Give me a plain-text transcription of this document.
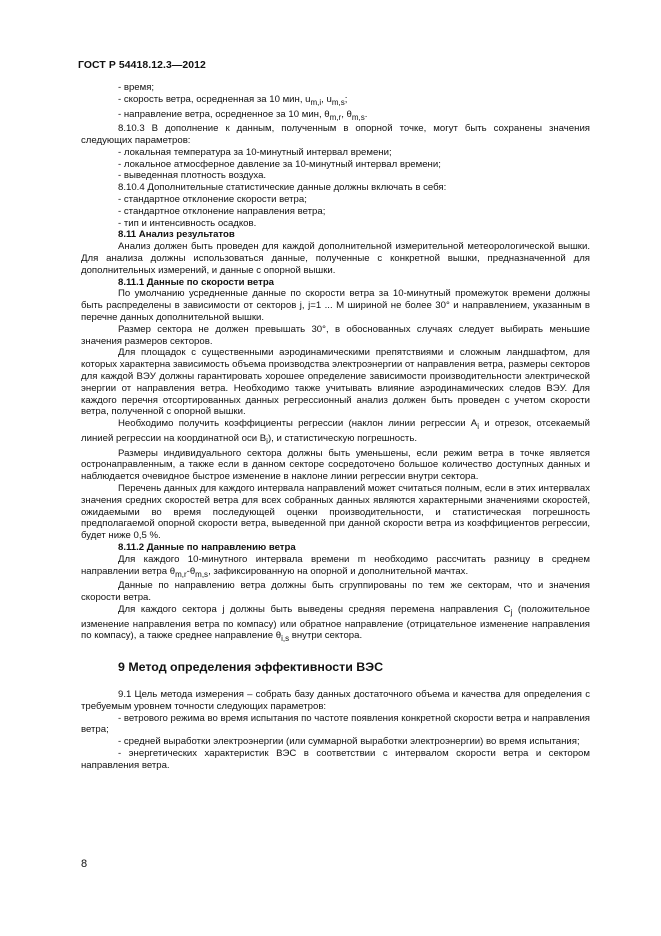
ГОСТ Р 54418.12.3—2012

- время;

- скорость ветра, осредненная за 10 мин, $u_{m,i}$, $u_{m,s}$;

- направление ветра, осредненное за 10 мин, $\theta_{m,r}$, $\theta_{m,s}$.

8.10.3 В дополнение к данным, полученным в опорной точке, могут быть сохранены значения следующих параметров:

- локальная температура за 10-минутный интервал времени;

- локальное атмосферное давление за 10-минутный интервал времени;

- выведенная плотность воздуха.

8.10.4 Дополнительные статистические данные должны включать в себя:

- стандартное отклонение скорости ветра;

- стандартное отклонение направления ветра;

- тип и интенсивность осадков.

8.11 Анализ результатов

Анализ должен быть проведен для каждой дополнительной измерительной метеорологической вышки. Для анализа должны использоваться данные, полученные с конкретной вышки, предназначенной для дополнительных измерений, и данные с опорной вышки.

8.11.1 Данные по скорости ветра

По умолчанию усредненные данные по скорости ветра за 10-минутный промежуток времени должны быть распределены в зависимости от секторов j, j=1 ... M шириной не более 30° и направлением, указанным в перечне данных дополнительной вышки.

Размер сектора не должен превышать 30°, в обоснованных случаях следует выбирать меньшие значения размеров секторов.

Для площадок с существенными аэродинамическими препятствиями и сложным ландшафтом, для которых характерна зависимость объема производства электроэнергии от направления ветра, размеры секторов для каждой ВЭУ должны гарантировать хорошее определение зависимости производительности электрической энергии от направления ветра. Необходимо также учитывать влияние аэродинамических следов ВЭУ. Для каждого перечня отсортированных данных регрессионный анализ должен быть проведен с учетом скорости ветра, полученной с опорной вышки.

Необходимо получить коэффициенты регрессии (наклон линии регрессии $A_i$ и отрезок, отсекаемый линией регрессии на координатной оси $B_i$), и статистическую погрешность.

Размеры индивидуального сектора должны быть уменьшены, если режим ветра в точке является остронаправленным, а также если в данном секторе сосредоточено большое количество доступных данных и наблюдается очевидное быстрое изменение в наклоне линии регрессии внутри сектора.

Перечень данных для каждого интервала направлений может считаться полным, если в этих интервалах значения средних скоростей ветра для всех собранных данных являются характерными значениями скоростей, ожидаемыми во время последующей оценки производительности, и статистическая погрешность предполагаемой опорной скорости ветра, выведенной при данной скорости ветра из коэффициентов регрессии, будет ниже 0,5 %.

8.11.2 Данные по направлению ветра

Для каждого 10-минутного интервала времени m необходимо рассчитать разницу в среднем направлении ветра $\theta_{m,r}-\theta_{m,s}$, зафиксированную на опорной и дополнительной мачтах.

Данные по направлению ветра должны быть сгруппированы по тем же секторам, что и значения скорости ветра.

Для каждого сектора j должны быть выведены средняя перемена направления $C_j$ (положительное изменение направления ветра по компасу) или обратное направление (отрицательное изменение направления по компасу), а также среднее направление $\theta_{i,s}$ внутри сектора.

9 Метод определения эффективности ВЭС

9.1 Цель метода измерения – собрать базу данных достаточного объема и качества для определения с требуемым уровнем точности следующих параметров:

- ветрового режима во время испытания по частоте появления конкретной скорости ветра и направления ветра;

- средней выработки электроэнергии (или суммарной выработки электроэнергии) во время испытания;

- энергетических характеристик ВЭС в соответствии с интервалом скорости ветра и сектором направления ветра.

8
